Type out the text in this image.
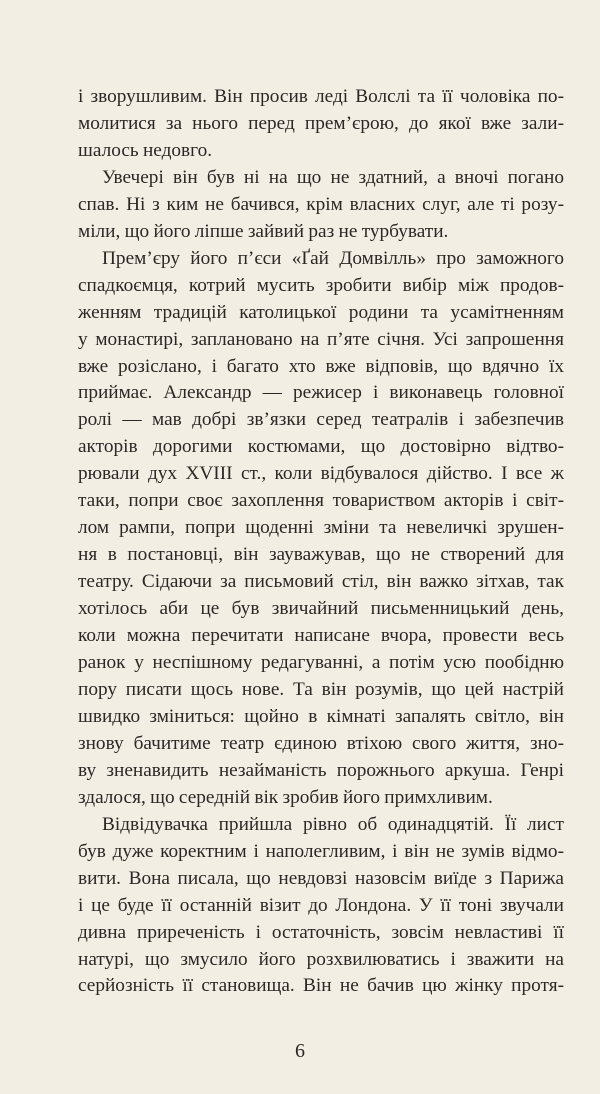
і зворушливим. Він просив леді Волслі та її чоловіка по-
молитися за нього перед прем’єрою, до якої вже зали-
шалось недовго.
Увечері він був ні на що не здатний, а вночі погано
спав. Ні з ким не бачився, крім власних слуг, але ті розу-
міли, що його ліпше зайвий раз не турбувати.
Прем’єру його п’єси «Ґай Домвілль» про заможного
спадкоємця, котрий мусить зробити вибір між продов-
женням традицій католицької родини та усамітненням
у монастирі, заплановано на п’яте січня. Усі запрошення
вже розіслано, і багато хто вже відповів, що вдячно їх
приймає. Александр — режисер і виконавець головної
ролі — мав добрі зв’язки серед театралів і забезпечив
акторів дорогими костюмами, що достовірно відтво-
рювали дух XVIII ст., коли відбувалося дійство. І все ж
таки, попри своє захоплення товариством акторів і світ-
лом рампи, попри щоденні зміни та невеличкі зрушен-
ня в постановці, він зауважував, що не створений для
театру. Сідаючи за письмовий стіл, він важко зітхав, так
хотілось аби це був звичайний письменницький день,
коли можна перечитати написане вчора, провести весь
ранок у неспішному редагуванні, а потім усю пообідню
пору писати щось нове. Та він розумів, що цей настрій
швидко зміниться: щойно в кімнаті запалять світло, він
знову бачитиме театр єдиною втіхою свого життя, зно-
ву зненавидить незайманість порожнього аркуша. Генрі
здалося, що середній вік зробив його примхливим.
Відвідувачка прийшла рівно об одинадцятій. Її лист
був дуже коректним і наполегливим, і він не зумів відмо-
вити. Вона писала, що невдовзі назовсім виїде з Парижа
і це буде її останній візит до Лондона. У її тоні звучали
дивна приреченість і остаточність, зовсім невластиві її
натурі, що змусило його розхвилюватись і зважити на
серйозність її становища. Він не бачив цю жінку протя-
6
